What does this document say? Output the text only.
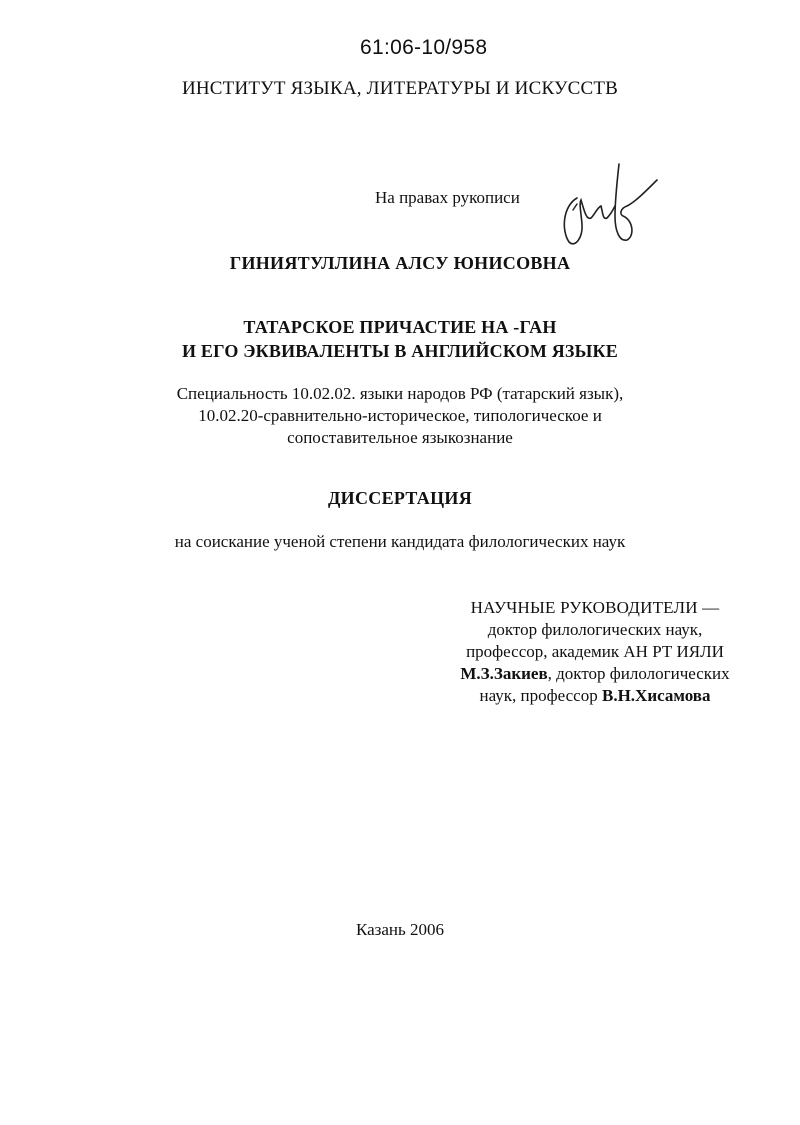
61:06-10/958
ИНСТИТУТ ЯЗЫКА, ЛИТЕРАТУРЫ И ИСКУССТВ
На правах рукописи
ГИНИЯТУЛЛИНА АЛСУ ЮНИСОВНА
ТАТАРСКОЕ ПРИЧАСТИЕ НА -ГАН
И ЕГО ЭКВИВАЛЕНТЫ В АНГЛИЙСКОМ ЯЗЫКЕ
Специальность 10.02.02. языки народов РФ (татарский язык),
10.02.20-сравнительно-историческое, типологическое и
сопоставительное языкознание
ДИССЕРТАЦИЯ
на соискание ученой степени кандидата филологических наук
НАУЧНЫЕ РУКОВОДИТЕЛИ —
доктор филологических наук,
профессор, академик АН РТ ИЯЛИ
М.З.Закиев, доктор филологических
наук, профессор В.Н.Хисамова
Казань 2006
